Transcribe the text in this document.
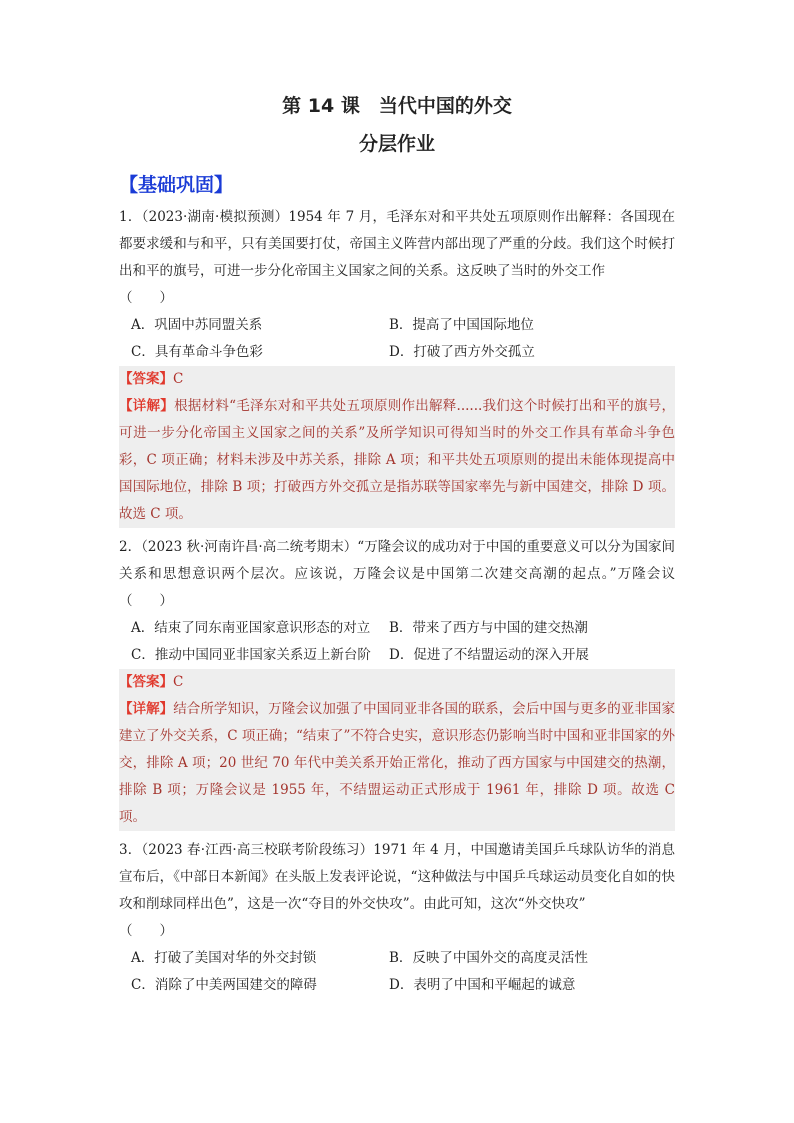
第 14 课　当代中国的外交
分层作业
【基础巩固】
1．（2023·湖南·模拟预测）1954 年 7 月，毛泽东对和平共处五项原则作出解释：各国现在都要求缓和与和平，只有美国要打仗，帝国主义阵营内部出现了严重的分歧。我们这个时候打出和平的旗号，可进一步分化帝国主义国家之间的关系。这反映了当时的外交工作
（　　）
A．巩固中苏同盟关系	B．提高了中国国际地位
C．具有革命斗争色彩	D．打破了西方外交孤立
【答案】C
【详解】根据材料“毛泽东对和平共处五项原则作出解释......我们这个时候打出和平的旗号，可进一步分化帝国主义国家之间的关系”及所学知识可得知当时的外交工作具有革命斗争色彩，C 项正确；材料未涉及中苏关系，排除 A 项；和平共处五项原则的提出未能体现提高中国国际地位，排除 B 项；打破西方外交孤立是指苏联等国家率先与新中国建交，排除 D 项。故选 C 项。
2．（2023 秋·河南许昌·高二统考期末）“万隆会议的成功对于中国的重要意义可以分为国家间关系和思想意识两个层次。应该说，万隆会议是中国第二次建交高潮的起点。”万隆会议（　　）
A．结束了同东南亚国家意识形态的对立	B．带来了西方与中国的建交热潮
C．推动中国同亚非国家关系迈上新台阶	D．促进了不结盟运动的深入开展
【答案】C
【详解】结合所学知识，万隆会议加强了中国同亚非各国的联系，会后中国与更多的亚非国家建立了外交关系，C 项正确；“结束了”不符合史实，意识形态仍影响当时中国和亚非国家的外交，排除 A 项；20 世纪 70 年代中美关系开始正常化，推动了西方国家与中国建交的热潮，排除 B 项；万隆会议是 1955 年，不结盟运动正式形成于 1961 年，排除 D 项。故选 C 项。
3．（2023 春·江西·高三校联考阶段练习）1971 年 4 月，中国邀请美国乒乓球队访华的消息宣布后，《中部日本新闻》在头版上发表评论说，“这种做法与中国乒乓球运动员变化自如的快攻和削球同样出色”，这是一次“夺目的外交快攻”。由此可知，这次“外交快攻”
（　　）
A．打破了美国对华的外交封锁	B．反映了中国外交的高度灵活性
C．消除了中美两国建交的障碍	D．表明了中国和平崛起的诚意
